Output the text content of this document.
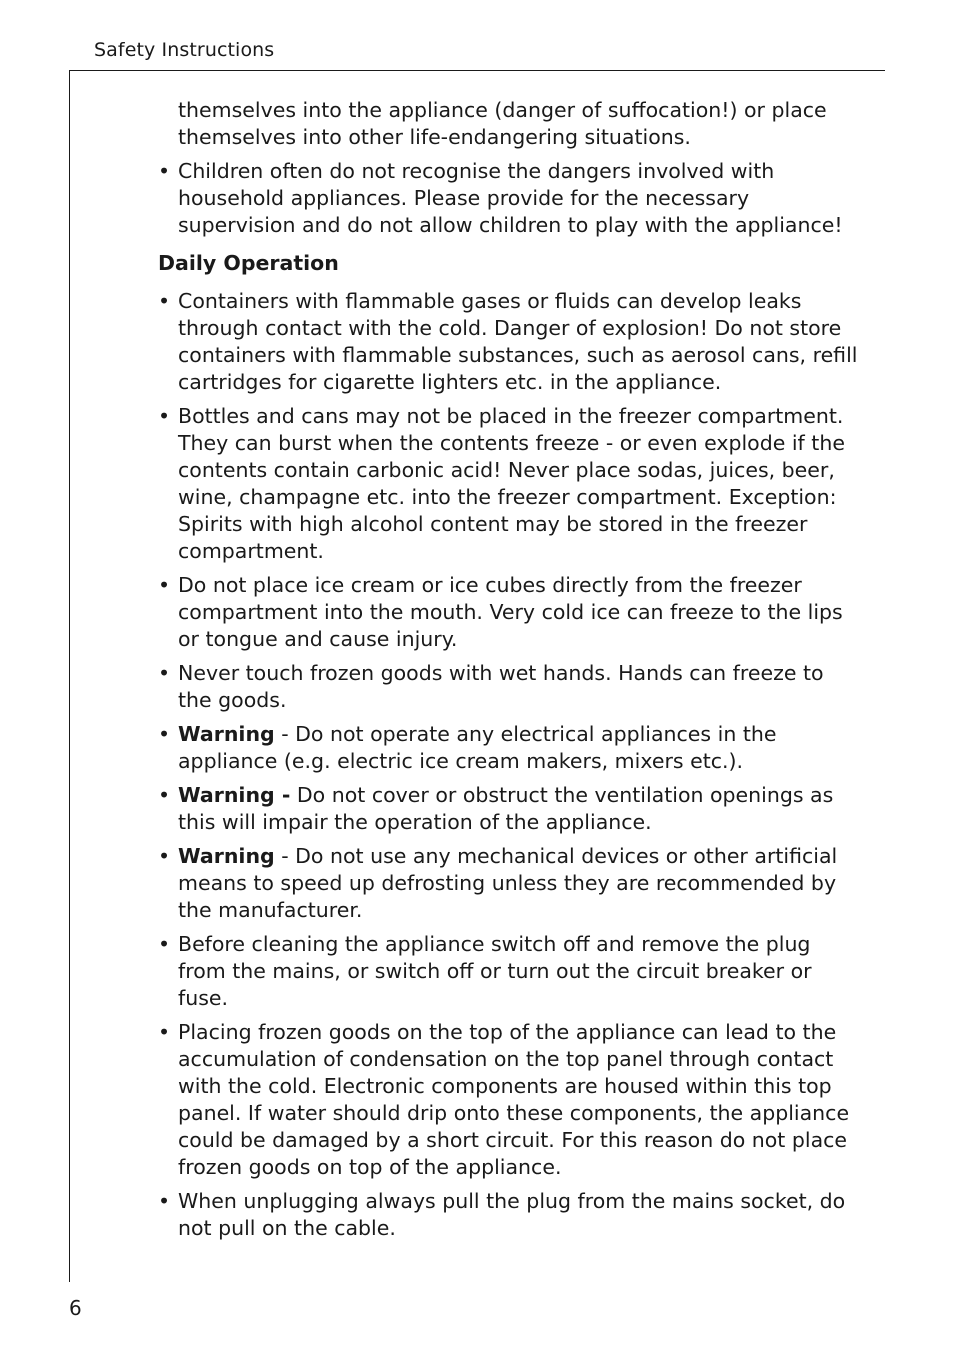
Safety Instructions

themselves into the appliance (danger of suffocation!) or place themselves into other life-endangering situations.

• Children often do not recognise the dangers involved with household appliances. Please provide for the necessary supervision and do not allow children to play with the appliance!
Daily Operation
• Containers with flammable gases or fluids can develop leaks through contact with the cold. Danger of explosion! Do not store containers with flammable substances, such as aerosol cans, refill cartridges for cigarette lighters etc. in the appliance.
• Bottles and cans may not be placed in the freezer compartment. They can burst when the contents freeze - or even explode if the contents contain carbonic acid! Never place sodas, juices, beer, wine, champagne etc. into the freezer compartment. Exception: Spirits with high alcohol content may be stored in the freezer compartment.
• Do not place ice cream or ice cubes directly from the freezer compartment into the mouth. Very cold ice can freeze to the lips or tongue and cause injury.
• Never touch frozen goods with wet hands. Hands can freeze to the goods.
• Warning - Do not operate any electrical appliances in the appliance (e.g. electric ice cream makers, mixers etc.).
• Warning - Do not cover or obstruct the ventilation openings as this will impair the operation of the appliance.
• Warning - Do not use any mechanical devices or other artificial means to speed up defrosting unless they are recommended by the manufacturer.
• Before cleaning the appliance switch off and remove the plug from the mains, or switch off or turn out the circuit breaker or fuse.
• Placing frozen goods on the top of the appliance can lead to the accumulation of condensation on the top panel through contact with the cold. Electronic components are housed within this top panel. If water should drip onto these components, the appliance could be damaged by a short circuit. For this reason do not place frozen goods on top of the appliance.
• When unplugging always pull the plug from the mains socket, do not pull on the cable.
6
